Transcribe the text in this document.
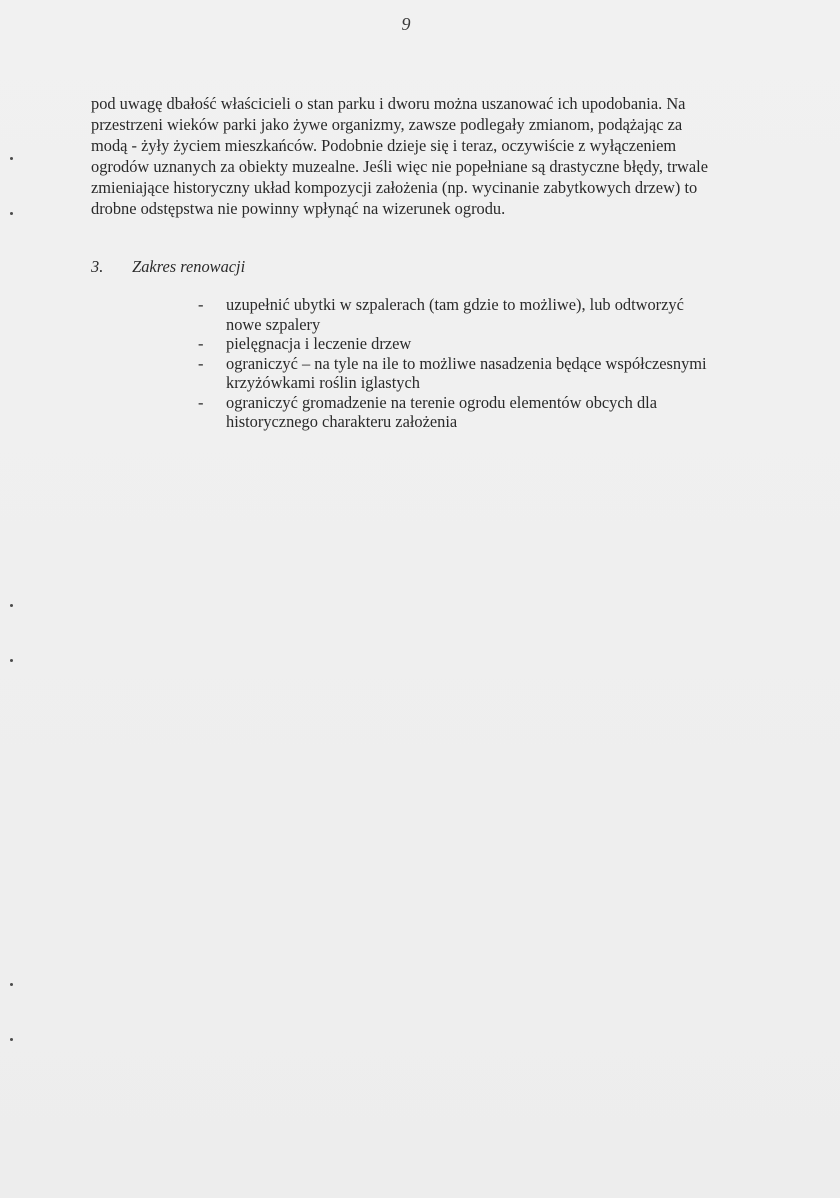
9
pod uwagę dbałość właścicieli o stan parku i dworu można uszanować ich upodobania. Na
przestrzeni wieków parki jako żywe organizmy, zawsze podlegały zmianom, podążając za
modą - żyły życiem mieszkańców. Podobnie dzieje się i teraz, oczywiście z wyłączeniem
ogrodów uznanych za obiekty muzealne. Jeśli więc nie popełniane są drastyczne błędy, trwale
zmieniające historyczny układ kompozycji założenia (np. wycinanie zabytkowych drzew) to
drobne odstępstwa nie powinny wpłynąć na wizerunek ogrodu.
3. Zakres renowacji
- uzupełnić ubytki w szpalerach (tam gdzie to możliwe), lub odtworzyć
nowe szpalery
- pielęgnacja i leczenie drzew
- ograniczyć – na tyle na ile to możliwe nasadzenia będące współczesnymi
krzyżówkami roślin iglastych
- ograniczyć gromadzenie na terenie ogrodu elementów obcych dla
historycznego charakteru założenia
